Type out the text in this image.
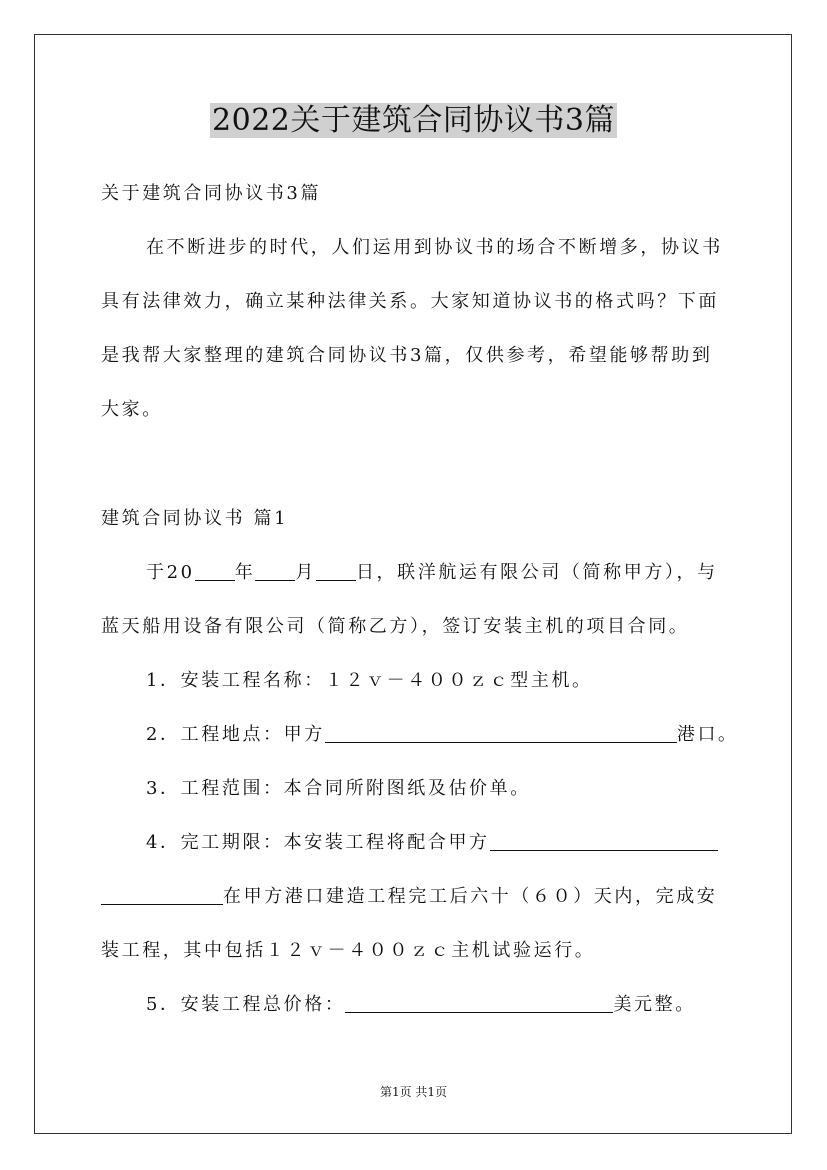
2022关于建筑合同协议书3篇
关于建筑合同协议书3篇
在不断进步的时代，人们运用到协议书的场合不断增多，协议书
具有法律效力，确立某种法律关系。大家知道协议书的格式吗？下面
是我帮大家整理的建筑合同协议书3篇，仅供参考，希望能够帮助到
大家。
建筑合同协议书 篇1
于20 年 月 日，联洋航运有限公司（简称甲方），与
蓝天船用设备有限公司（简称乙方），签订安装主机的项目合同。
1．安装工程名称：１２ｖ－４００ｚｃ型主机。
2．工程地点：甲方	港口。
3．工程范围：本合同所附图纸及估价单。
4．完工期限：本安装工程将配合甲方
在甲方港口建造工程完工后六十（６０）天内，完成安
装工程，其中包括１２ｖ－４００ｚｃ主机试验运行。
5．安装工程总价格：	美元整。
第1页 共1页
